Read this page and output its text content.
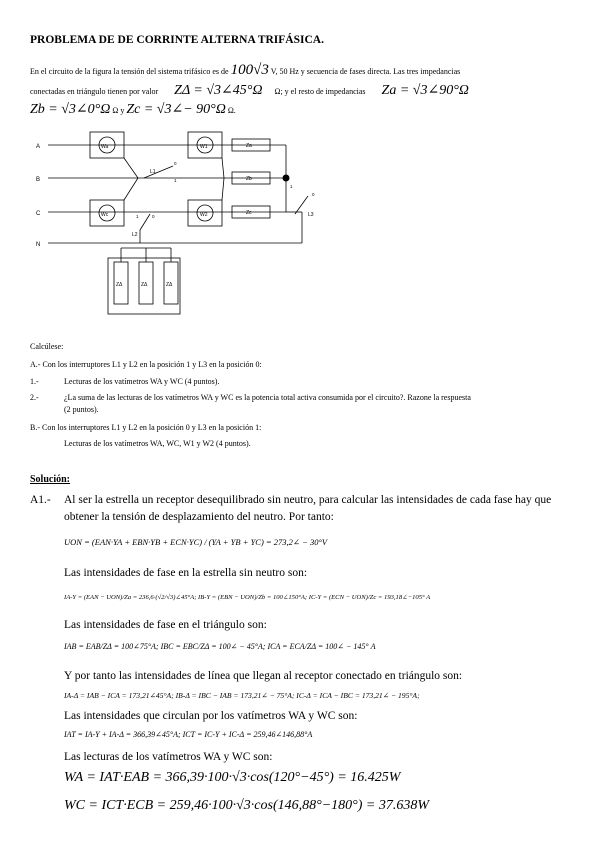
PROBLEMA DE DE CORRINTE ALTERNA TRIFÁSICA.
En el circuito de la figura la tensión del sistema trifásico es de 100√3 V, 50 Hz y secuencia de fases directa. Las tres impedancias
conectadas en triángulo tienen por valor ZΔ = √3∠45°Ω Ω; y el resto de impedancias Za = √3∠90°Ω
Zb = √3∠0°Ω Ω y Zc = √3∠− 90°Ω Ω.
A
B
C
N
Wa	W1
Wc	W2
Za
Zb
Zc
ZΔ	ZΔ	ZΔ
L1
L2
L3
0
1
0
1
0
1
Calcúlese:
A.- Con los interruptores L1 y L2 en la posición 1 y L3 en la posición 0:
1.-	Lecturas de los vatímetros WA y WC (4 puntos).
2.-	¿La suma de las lecturas de los vatímetros WA y WC es la potencia total activa consumida por el circuito?. Razone la respuesta
(2 puntos).
B.- Con los interruptores L1 y L2 en la posición 0 y L3 en la posición 1:
Lecturas de los vatímetros WA, WC, W1 y W2 (4 puntos).
Solución:
A1.- Al ser la estrella un receptor desequilibrado sin neutro, para calcular las intensidades de cada fase hay que
obtener la tensión de desplazamiento del neutro. Por tanto:
UON = (EAN·YA + EBN·YB + ECN·YC) / (YA + YB + YC) = 273,2∠ − 30°V
Las intensidades de fase en la estrella sin neutro son:
IA-Y = (EAN − UON)/Za = 236,6·(√2/√3)∠45°A; IB-Y = (EBN − UON)/Zb = 100∠150°A; IC-Y = (ECN − UON)/Zc = 193,18∠−105° A
Las intensidades de fase en el triángulo son:
IAB = EAB/ZΔ = 100∠75°A; IBC = EBC/ZΔ = 100∠ − 45°A; ICA = ECA/ZΔ = 100∠ − 145° A
Y por tanto las intensidades de línea que llegan al receptor conectado en triángulo son:
IA-Δ = IAB − ICA = 173,21∠45°A; IB-Δ = IBC − IAB = 173,21∠ − 75°A; IC-Δ = ICA − IBC = 173,21∠ − 195°A;
Las intensidades que circulan por los vatímetros WA y WC son:
IAT = IA-Y + IA-Δ = 366,39∠45°A; ICT = IC-Y + IC-Δ = 259,46∠146,88°A
Las lecturas de los vatímetros WA y WC son:
WA = IAT·EAB = 366,39·100·√3·cos(120°−45°) = 16.425W
WC = ICT·ECB = 259,46·100·√3·cos(146,88°−180°) = 37.638W
